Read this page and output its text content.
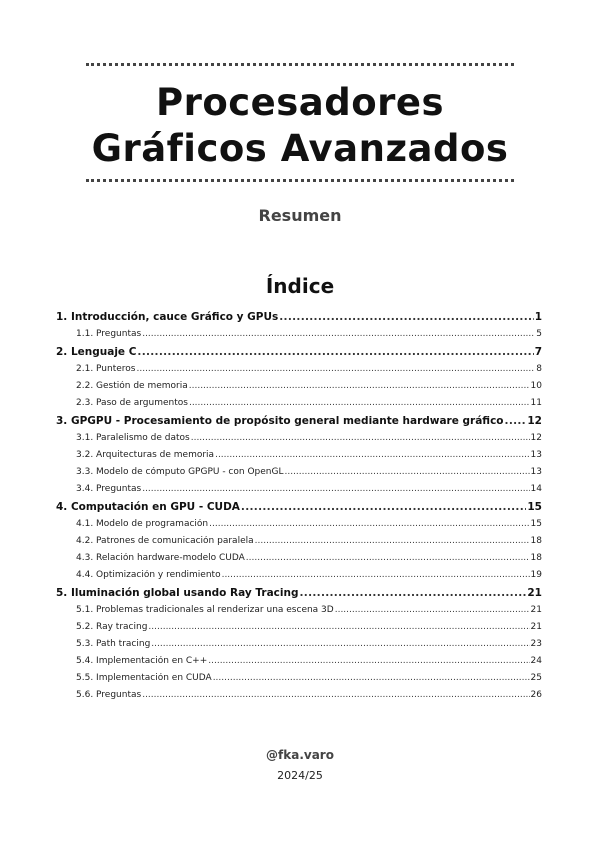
Procesadores
Gráficos Avanzados
Resumen
Índice
1. Introducción, cauce Gráfico y GPUs .....	1
1.1. Preguntas .....	5
2. Lenguaje C .....	7
2.1. Punteros .....	8
2.2. Gestión de memoria .....	10
2.3. Paso de argumentos .....	11
3. GPGPU - Procesamiento de propósito general mediante hardware gráfico ..... 12
3.1. Paralelismo de datos .....	12
3.2. Arquitecturas de memoria .....	13
3.3. Modelo de cómputo GPGPU - con OpenGL .....	13
3.4. Preguntas .....	14
4. Computación en GPU - CUDA .....	15
4.1. Modelo de programación .....	15
4.2. Patrones de comunicación paralela .....	18
4.3. Relación hardware-modelo CUDA .....	18
4.4. Optimización y rendimiento .....	19
5. Iluminación global usando Ray Tracing .....	21
5.1. Problemas tradicionales al renderizar una escena 3D .....	21
5.2. Ray tracing .....	21
5.3. Path tracing .....	23
5.4. Implementación en C++ .....	24
5.5. Implementación en CUDA .....	25
5.6. Preguntas .....	26
@fka.varo
2024/25
